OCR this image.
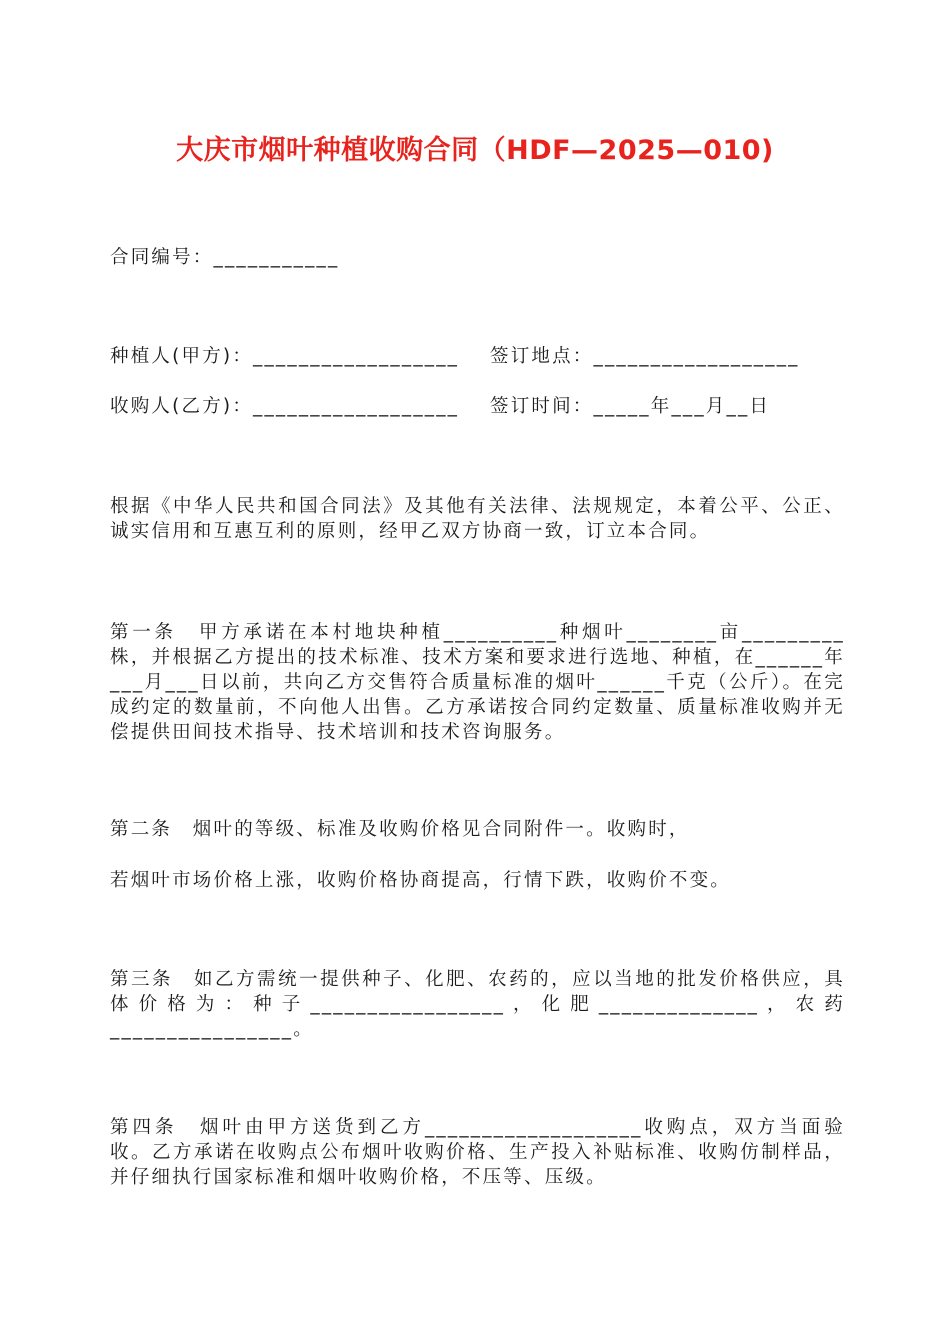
大庆市烟叶种植收购合同（HDF—2025—010)
合同编号：___________
种植人(甲方)：__________________ 签订地点：__________________
收购人(乙方)：__________________ 签订时间：_____年___月__日
根据《中华人民共和国合同法》及其他有关法律、法规规定，本着公平、公正、诚实信用和互惠互利的原则，经甲乙双方协商一致，订立本合同。
第一条　甲方承诺在本村地块种植__________种烟叶________亩_________株，并根据乙方提出的技术标准、技术方案和要求进行选地、种植，在______年___月___日以前，共向乙方交售符合质量标准的烟叶______千克（公斤）。在完成约定的数量前，不向他人出售。乙方承诺按合同约定数量、质量标准收购并无偿提供田间技术指导、技术培训和技术咨询服务。
第二条　烟叶的等级、标准及收购价格见合同附件一。收购时，
若烟叶市场价格上涨，收购价格协商提高，行情下跌，收购价不变。
第三条　如乙方需统一提供种子、化肥、农药的，应以当地的批发价格供应，具体价格为：种子_________________，化肥______________，农药________________。
第四条　烟叶由甲方送货到乙方___________________收购点，双方当面验收。乙方承诺在收购点公布烟叶收购价格、生产投入补贴标准、收购仿制样品，并仔细执行国家标准和烟叶收购价格，不压等、压级。
